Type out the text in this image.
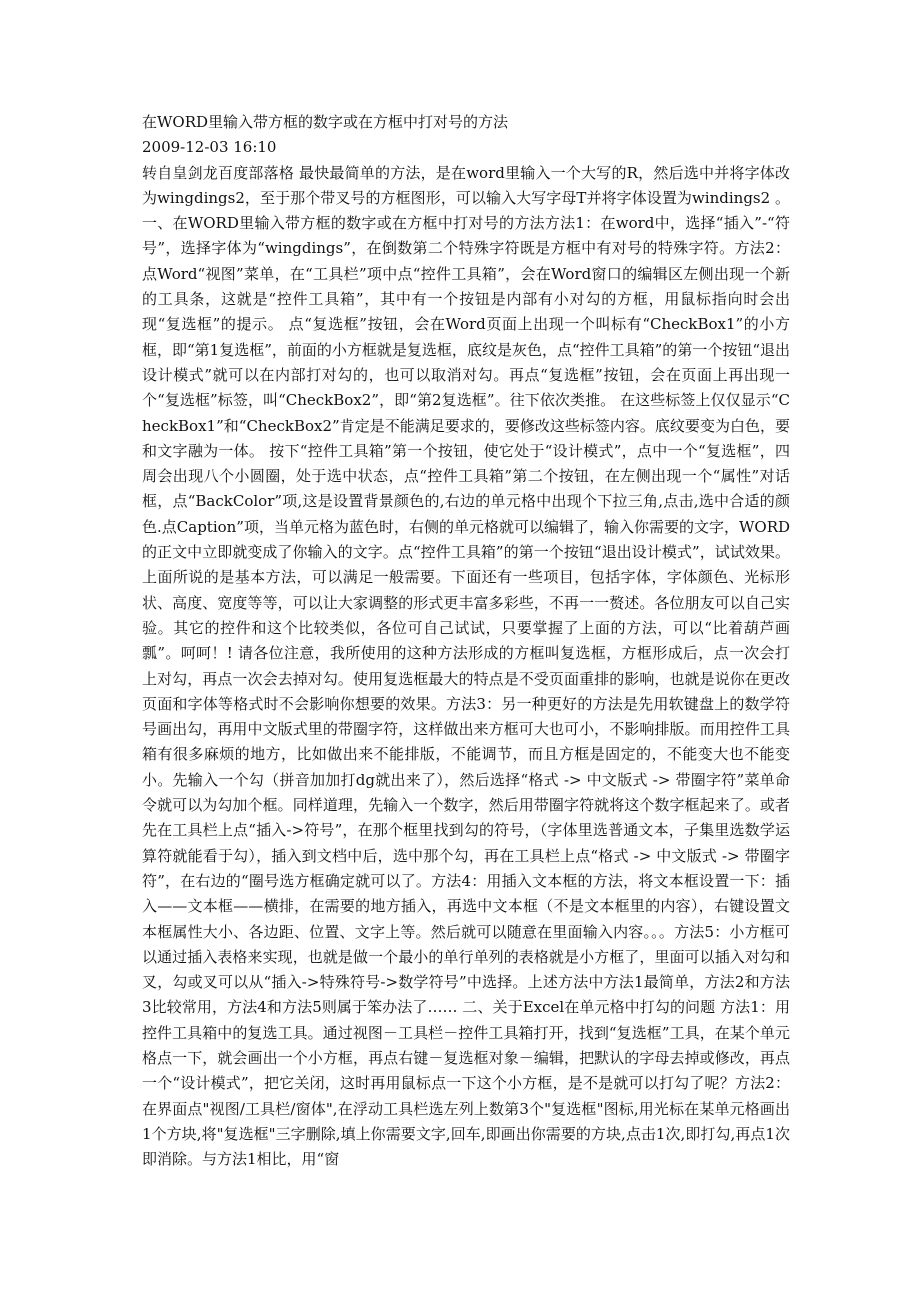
在WORD里输入带方框的数字或在方框中打对号的方法
2009-12-03 16:10

转自皇剑龙百度部落格 最快最简单的方法，是在word里输入一个大写的R，然后选中并将字体改为wingdings2，至于那个带叉号的方框图形，可以输入大写字母T并将字体设置为windings2 。 一、在WORD里输入带方框的数字或在方框中打对号的方法方法1：在word中，选择“插入”-“符号”，选择字体为“wingdings”，在倒数第二个特殊字符既是方框中有对号的特殊字符。方法2：点Word“视图”菜单，在“工具栏”项中点“控件工具箱”，会在Word窗口的编辑区左侧出现一个新的工具条，这就是“控件工具箱”，其中有一个按钮是内部有小对勾的方框，用鼠标指向时会出现“复选框”的提示。 点“复选框”按钮，会在Word页面上出现一个叫标有“CheckBox1”的小方框，即“第1复选框”，前面的小方框就是复选框，底纹是灰色，点“控件工具箱”的第一个按钮“退出设计模式”就可以在内部打对勾的，也可以取消对勾。再点“复选框”按钮，会在页面上再出现一个“复选框”标签，叫“CheckBox2”，即“第2复选框”。往下依次类推。 在这些标签上仅仅显示“CheckBox1”和“CheckBox2”肯定是不能满足要求的，要修改这些标签内容。底纹要变为白色，要和文字融为一体。 按下“控件工具箱”第一个按钮，使它处于“设计模式”，点中一个“复选框”，四周会出现八个小圆圈，处于选中状态，点“控件工具箱”第二个按钮，在左侧出现一个“属性”对话框，点“BackColor”项,这是设置背景颜色的,右边的单元格中出现个下拉三角,点击,选中合适的颜色.点Caption”项，当单元格为蓝色时，右侧的单元格就可以编辑了，输入你需要的文字，WORD的正文中立即就变成了你输入的文字。点“控件工具箱”的第一个按钮“退出设计模式”，试试效果。上面所说的是基本方法，可以满足一般需要。下面还有一些项目，包括字体，字体颜色、光标形状、高度、宽度等等，可以让大家调整的形式更丰富多彩些，不再一一赘述。各位朋友可以自己实验。其它的控件和这个比较类似，各位可自己试试，只要掌握了上面的方法，可以“比着葫芦画瓢”。呵呵！! 请各位注意，我所使用的这种方法形成的方框叫复选框，方框形成后，点一次会打上对勾，再点一次会去掉对勾。使用复选框最大的特点是不受页面重排的影响，也就是说你在更改页面和字体等格式时不会影响你想要的效果。方法3：另一种更好的方法是先用软键盘上的数学符号画出勾，再用中文版式里的带圈字符，这样做出来方框可大也可小，不影响排版。而用控件工具箱有很多麻烦的地方，比如做出来不能排版，不能调节，而且方框是固定的，不能变大也不能变小。先输入一个勾（拼音加加打dg就出来了），然后选择“格式 -> 中文版式 -> 带圈字符”菜单命令就可以为勾加个框。同样道理，先输入一个数字，然后用带圈字符就将这个数字框起来了。或者先在工具栏上点“插入->符号”，在那个框里找到勾的符号，（字体里选普通文本，子集里选数学运算符就能看于勾），插入到文档中后，选中那个勾，再在工具栏上点“格式 -> 中文版式 -> 带圈字符”，在右边的“圈号选方框确定就可以了。方法4：用插入文本框的方法，将文本框设置一下：插入——文本框——横排，在需要的地方插入，再选中文本框（不是文本框里的内容），右键设置文本框属性大小、各边距、位置、文字上等。然后就可以随意在里面输入内容。。。方法5：小方框可以通过插入表格来实现，也就是做一个最小的单行单列的表格就是小方框了，里面可以插入对勾和叉，勾或叉可以从“插入->特殊符号->数学符号”中选择。上述方法中方法1最简单，方法2和方法3比较常用，方法4和方法5则属于笨办法了…… 二、关于Excel在单元格中打勾的问题 方法1：用控件工具箱中的复选工具。通过视图－工具栏－控件工具箱打开，找到“复选框”工具，在某个单元格点一下，就会画出一个小方框，再点右键－复选框对象－编辑，把默认的字母去掉或修改，再点一个“设计模式”，把它关闭，这时再用鼠标点一下这个小方框，是不是就可以打勾了呢？方法2：在界面点"视图/工具栏/窗体",在浮动工具栏选左列上数第3个"复选框"图标,用光标在某单元格画出1个方块,将"复选框"三字删除,填上你需要文字,回车,即画出你需要的方块,点击1次,即打勾,再点1次即消除。与方法1相比，用“窗
